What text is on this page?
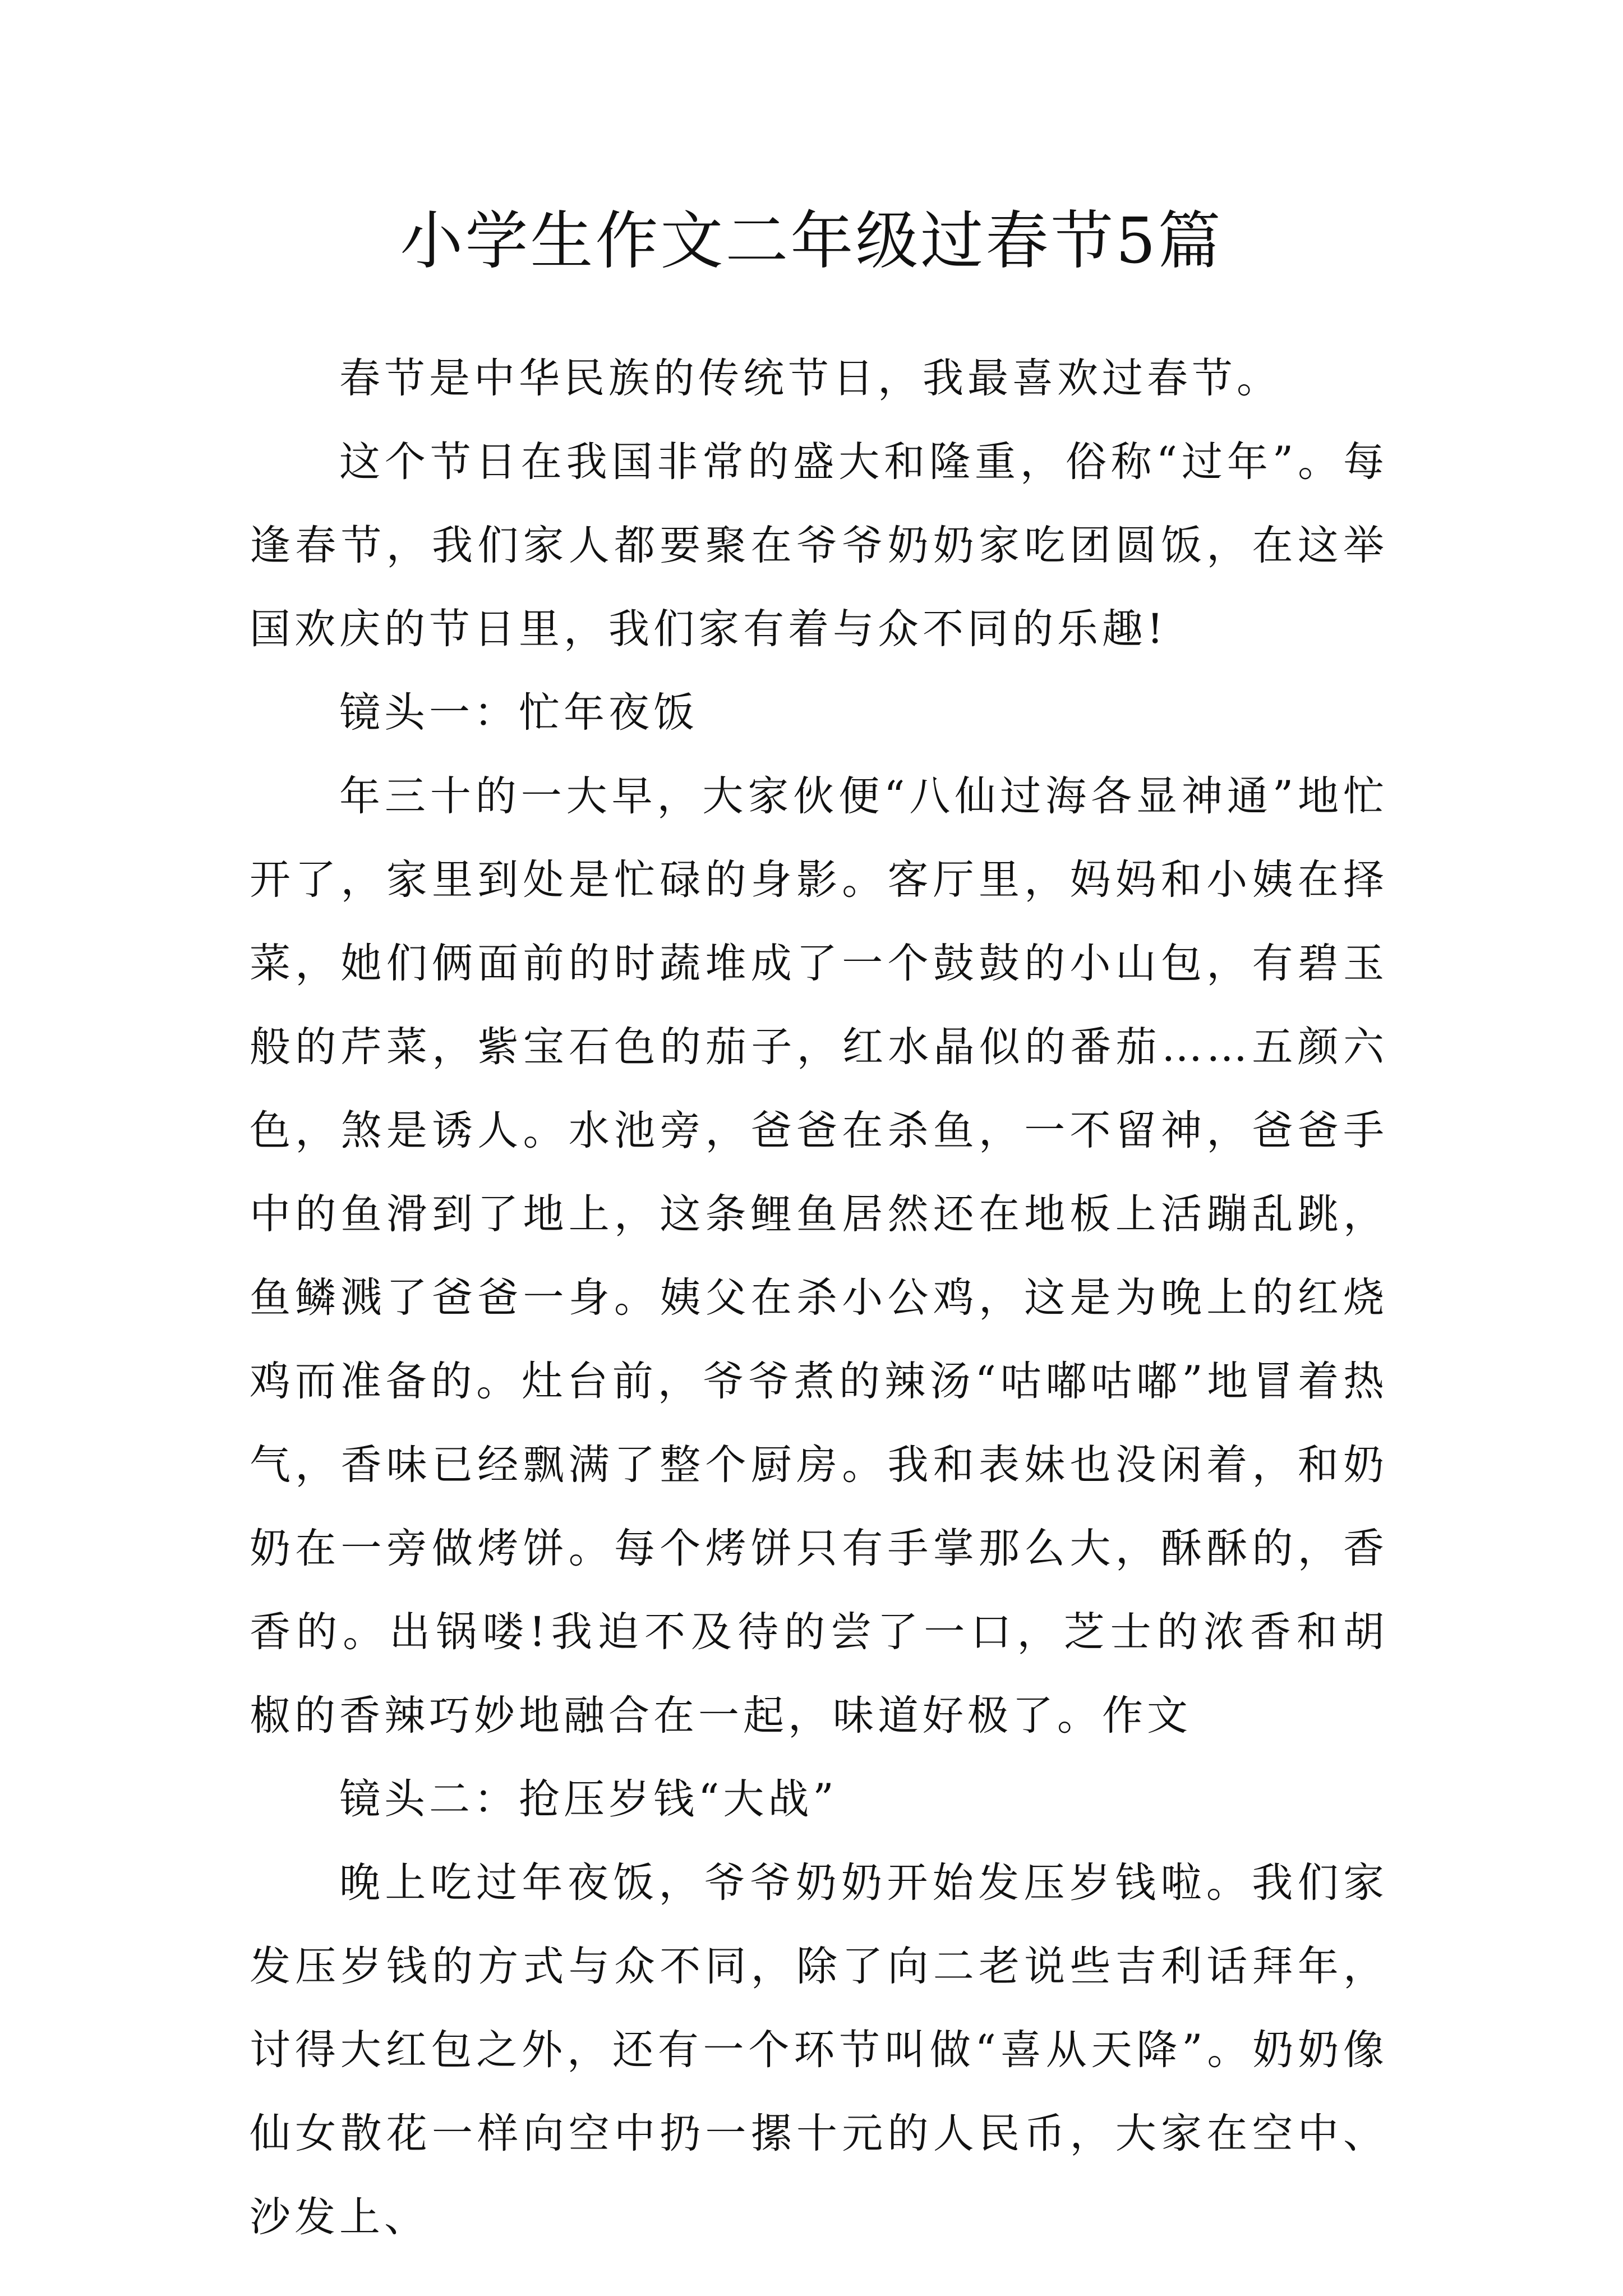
小学生作文二年级过春节5篇

春节是中华民族的传统节日，我最喜欢过春节。

这个节日在我国非常的盛大和隆重，俗称“过年”。每逢春节，我们家人都要聚在爷爷奶奶家吃团圆饭，在这举国欢庆的节日里，我们家有着与众不同的乐趣!

镜头一：忙年夜饭

年三十的一大早，大家伙便“八仙过海各显神通”地忙开了，家里到处是忙碌的身影。客厅里，妈妈和小姨在择菜，她们俩面前的时蔬堆成了一个鼓鼓的小山包，有碧玉般的芹菜，紫宝石色的茄子，红水晶似的番茄……五颜六色，煞是诱人。水池旁，爸爸在杀鱼，一不留神，爸爸手中的鱼滑到了地上，这条鲤鱼居然还在地板上活蹦乱跳，鱼鳞溅了爸爸一身。姨父在杀小公鸡，这是为晚上的红烧鸡而准备的。灶台前，爷爷煮的辣汤“咕嘟咕嘟”地冒着热气，香味已经飘满了整个厨房。我和表妹也没闲着，和奶奶在一旁做烤饼。每个烤饼只有手掌那么大，酥酥的，香香的。出锅喽!我迫不及待的尝了一口，芝士的浓香和胡椒的香辣巧妙地融合在一起，味道好极了。作文

镜头二：抢压岁钱“大战”

晚上吃过年夜饭，爷爷奶奶开始发压岁钱啦。我们家发压岁钱的方式与众不同，除了向二老说些吉利话拜年，讨得大红包之外，还有一个环节叫做“喜从天降”。奶奶像仙女散花一样向空中扔一摞十元的人民币，大家在空中、沙发上、
